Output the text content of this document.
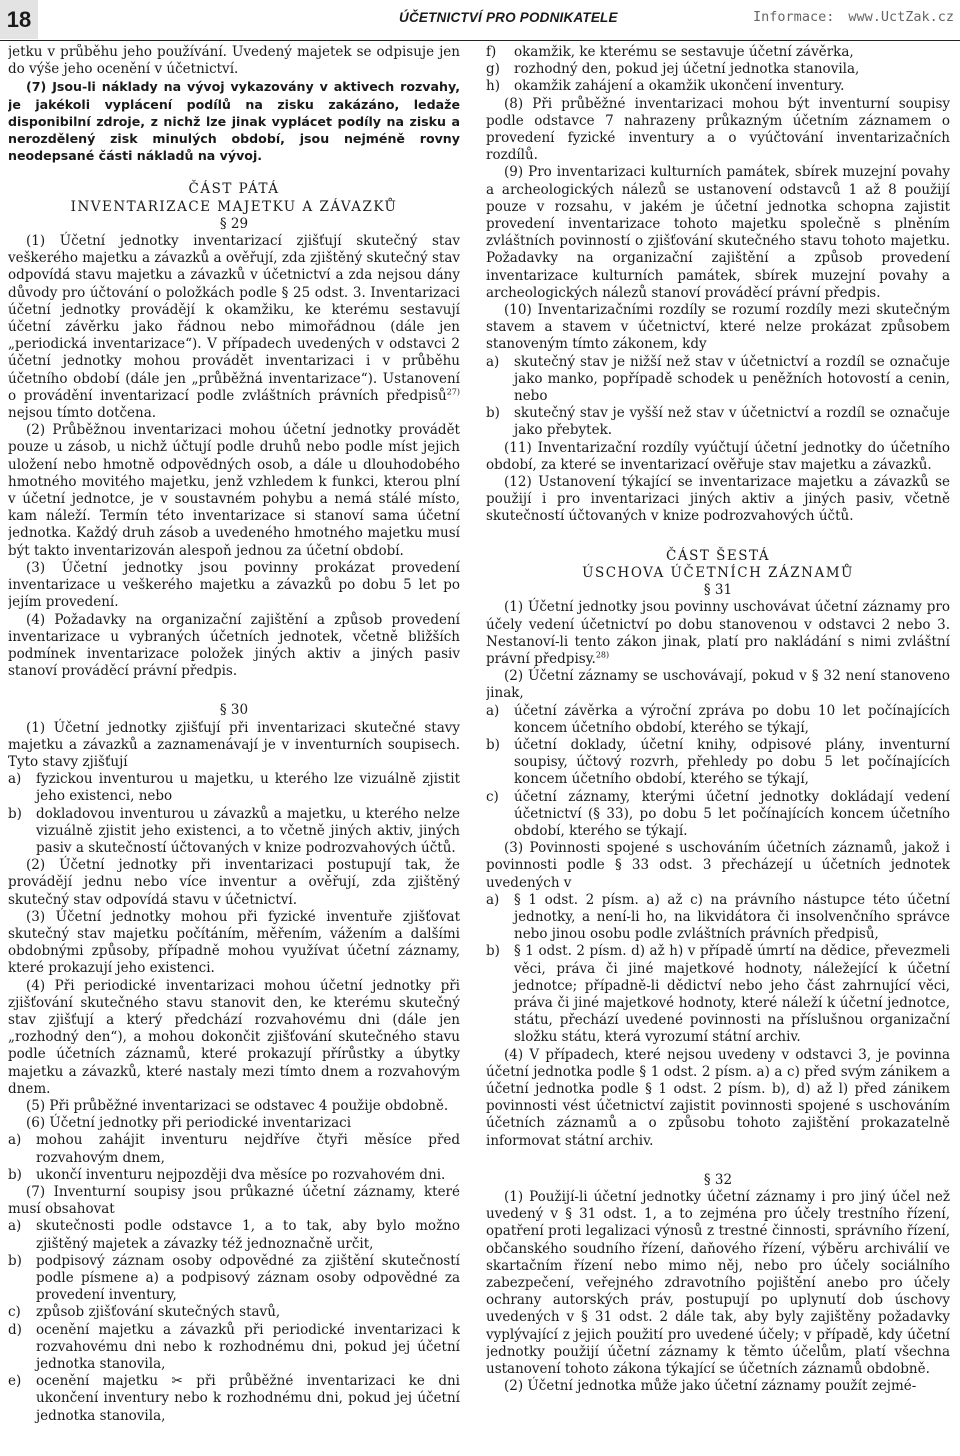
18	ÚČETNICTVÍ PRO PODNIKATELE	Informace: www.UctZak.cz

jetku v průběhu jeho používání. Uvedený majetek se odpisuje jen do výše jeho ocenění v účetnictví.

(7) Jsou-li náklady na vývoj vykazovány v aktivech rozvahy, je jakékoli vyplácení podílů na zisku zakázáno, ledaže disponibilní zdroje, z nichž lze jinak vyplácet podíly na zisku a nerozdělený zisk minulých období, jsou nejméně rovny neodepsané části nákladů na vývoj.

ČÁST PÁTÁ

INVENTARIZACE MAJETKU A ZÁVAZKŮ

§ 29

(1) Účetní jednotky inventarizací zjišťují skutečný stav veškerého majetku a závazků a ověřují, zda zjištěný skutečný stav odpovídá stavu majetku a závazků v účetnictví a zda nejsou dány důvody pro účtování o položkách podle § 25 odst. 3. Inventarizaci účetní jednotky provádějí k okamžiku, ke kterému sestavují účetní závěrku jako řádnou nebo mimořádnou (dále jen „periodická inventarizace“). V případech uvedených v odstavci 2 účetní jednotky mohou provádět inventarizaci i v průběhu účetního období (dále jen „průběžná inventarizace“). Ustanovení o provádění inventarizací podle zvláštních právních předpisů$^{27)}$ nejsou tímto dotčena.

(2) Průběžnou inventarizaci mohou účetní jednotky provádět pouze u zásob, u nichž účtují podle druhů nebo podle míst jejich uložení nebo hmotně odpovědných osob, a dále u dlouhodobého hmotného movitého majetku, jenž vzhledem k funkci, kterou plní v účetní jednotce, je v soustavném pohybu a nemá stálé místo, kam náleží. Termín této inventarizace si stanoví sama účetní jednotka. Každý druh zásob a uvedeného hmotného majetku musí být takto inventarizován alespoň jednou za účetní období.

(3) Účetní jednotky jsou povinny prokázat provedení inventarizace u veškerého majetku a závazků po dobu 5 let po jejím provedení.

(4) Požadavky na organizační zajištění a způsob provedení inventarizace u vybraných účetních jednotek, včetně bližších podmínek inventarizace položek jiných aktiv a jiných pasiv stanoví prováděcí právní předpis.

§ 30

(1) Účetní jednotky zjišťují při inventarizaci skutečné stavy majetku a závazků a zaznamenávají je v inventurních soupisech. Tyto stavy zjišťují

a) fyzickou inventurou u majetku, u kterého lze vizuálně zjistit jeho existenci, nebo

b) dokladovou inventurou u závazků a majetku, u kterého nelze vizuálně zjistit jeho existenci, a to včetně jiných aktiv, jiných pasiv a skutečností účtovaných v knize podrozvahových účtů.

(2) Účetní jednotky při inventarizaci postupují tak, že provádějí jednu nebo více inventur a ověřují, zda zjištěný skutečný stav odpovídá stavu v účetnictví.

(3) Účetní jednotky mohou při fyzické inventuře zjišťovat skutečný stav majetku počítáním, měřením, vážením a dalšími obdobnými způsoby, případně mohou využívat účetní záznamy, které prokazují jeho existenci.

(4) Při periodické inventarizaci mohou účetní jednotky při zjišťování skutečného stavu stanovit den, ke kterému skutečný stav zjišťují a který předchází rozvahovému dni (dále jen „rozhodný den“), a mohou dokončit zjišťování skutečného stavu podle účetních záznamů, které prokazují přírůstky a úbytky majetku a závazků, které nastaly mezi tímto dnem a rozvahovým dnem.

(5) Při průběžné inventarizaci se odstavec 4 použije obdobně.

(6) Účetní jednotky při periodické inventarizaci

a) mohou zahájit inventuru nejdříve čtyři měsíce před rozvahovým dnem,

b) ukončí inventuru nejpozději dva měsíce po rozvahovém dni.

(7) Inventurní soupisy jsou průkazné účetní záznamy, které musí obsahovat

a) skutečnosti podle odstavce 1, a to tak, aby bylo možno zjištěný majetek a závazky též jednoznačně určit,

b) podpisový záznam osoby odpovědné za zjištění skutečností podle písmene a) a podpisový záznam osoby odpovědné za provedení inventury,

c) způsob zjišťování skutečných stavů,

d) ocenění majetku a závazků při periodické inventarizaci k rozvahovému dni nebo k rozhodnému dni, pokud jej účetní jednotka stanovila,

e) ocenění majetku ✂ při průběžné inventarizaci ke dni ukončení inventury nebo k rozhodnému dni, pokud jej účetní jednotka stanovila,

f) okamžik, ke kterému se sestavuje účetní závěrka,

g) rozhodný den, pokud jej účetní jednotka stanovila,

h) okamžik zahájení a okamžik ukončení inventury.

(8) Při průběžné inventarizaci mohou být inventurní soupisy podle odstavce 7 nahrazeny průkazným účetním záznamem o provedení fyzické inventury a o vyúčtování inventarizačních rozdílů.

(9) Pro inventarizaci kulturních památek, sbírek muzejní povahy a archeologických nálezů se ustanovení odstavců 1 až 8 použijí pouze v rozsahu, v jakém je účetní jednotka schopna zajistit provedení inventarizace tohoto majetku společně s plněním zvláštních povinností o zjišťování skutečného stavu tohoto majetku. Požadavky na organizační zajištění a způsob provedení inventarizace kulturních památek, sbírek muzejní povahy a archeologických nálezů stanoví prováděcí právní předpis.

(10) Inventarizačními rozdíly se rozumí rozdíly mezi skutečným stavem a stavem v účetnictví, které nelze prokázat způsobem stanoveným tímto zákonem, kdy

a) skutečný stav je nižší než stav v účetnictví a rozdíl se označuje jako manko, popřípadě schodek u peněžních hotovostí a cenin, nebo

b) skutečný stav je vyšší než stav v účetnictví a rozdíl se označuje jako přebytek.

(11) Inventarizační rozdíly vyúčtují účetní jednotky do účetního období, za které se inventarizací ověřuje stav majetku a závazků.

(12) Ustanovení týkající se inventarizace majetku a závazků se použijí i pro inventarizaci jiných aktiv a jiných pasiv, včetně skutečností účtovaných v knize podrozvahových účtů.

ČÁST ŠESTÁ

ÚSCHOVA ÚČETNÍCH ZÁZNAMŮ

§ 31

(1) Účetní jednotky jsou povinny uschovávat účetní záznamy pro účely vedení účetnictví po dobu stanovenou v odstavci 2 nebo 3. Nestanoví-li tento zákon jinak, platí pro nakládání s nimi zvláštní právní předpisy.$^{28)}$

(2) Účetní záznamy se uschovávají, pokud v § 32 není stanoveno jinak,

a) účetní závěrka a výroční zpráva po dobu 10 let počínajících koncem účetního období, kterého se týkají,

b) účetní doklady, účetní knihy, odpisové plány, inventurní soupisy, účtový rozvrh, přehledy po dobu 5 let počínajících koncem účetního období, kterého se týkají,

c) účetní záznamy, kterými účetní jednotky dokládají vedení účetnictví (§ 33), po dobu 5 let počínajících koncem účetního období, kterého se týkají.

(3) Povinnosti spojené s uschováním účetních záznamů, jakož i povinnosti podle § 33 odst. 3 přecházejí u účetních jednotek uvedených v

a) § 1 odst. 2 písm. a) až c) na právního nástupce této účetní jednotky, a není-li ho, na likvidátora či insolvenčního správce nebo jinou osobu podle zvláštních právních předpisů,

b) § 1 odst. 2 písm. d) až h) v případě úmrtí na dědice, převezmeli věci, práva či jiné majetkové hodnoty, náležející k účetní jednotce; případně-li dědictví nebo jeho část zahrnující věci, práva či jiné majetkové hodnoty, které náleží k účetní jednotce, státu, přechází uvedené povinnosti na příslušnou organizační složku státu, která vyrozumí státní archiv.

(4) V případech, které nejsou uvedeny v odstavci 3, je povinna účetní jednotka podle § 1 odst. 2 písm. a) a c) před svým zánikem a účetní jednotka podle § 1 odst. 2 písm. b), d) až l) před zánikem povinnosti vést účetnictví zajistit povinnosti spojené s uschováním účetních záznamů a o způsobu tohoto zajištění prokazatelně informovat státní archiv.

§ 32

(1) Použijí-li účetní jednotky účetní záznamy i pro jiný účel než uvedený v § 31 odst. 1, a to zejména pro účely trestního řízení, opatření proti legalizaci výnosů z trestné činnosti, správního řízení, občanského soudního řízení, daňového řízení, výběru archiválií ve skartačním řízení nebo mimo něj, nebo pro účely sociálního zabezpečení, veřejného zdravotního pojištění anebo pro účely ochrany autorských práv, postupují po uplynutí dob úschovy uvedených v § 31 odst. 2 dále tak, aby byly zajištěny požadavky vyplývající z jejich použití pro uvedené účely; v případě, kdy účetní jednotky použijí účetní záznamy k těmto účelům, platí všechna ustanovení tohoto zákona týkající se účetních záznamů obdobně.

(2) Účetní jednotka může jako účetní záznamy použít zejmé-
